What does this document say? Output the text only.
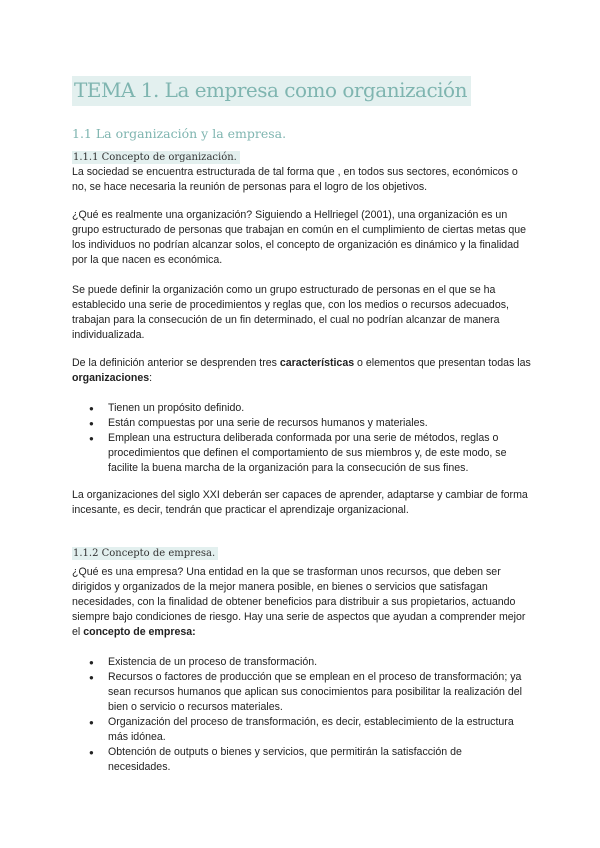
TEMA 1. La empresa como organización
1.1 La organización y la empresa.
1.1.1 Concepto de organización.

La sociedad se encuentra estructurada de tal forma que , en todos sus sectores, económicos o no, se hace necesaria la reunión de personas para el logro de los objetivos.

¿Qué es realmente una organización? Siguiendo a Hellriegel (2001), una organización es un grupo estructurado de personas que trabajan en común en el cumplimiento de ciertas metas que los individuos no podrían alcanzar solos, el concepto de organización es dinámico y la finalidad por la que nacen es económica.

Se puede definir la organización como un grupo estructurado de personas en el que se ha establecido una serie de procedimientos y reglas que, con los medios o recursos adecuados, trabajan para la consecución de un fin determinado, el cual no podrían alcanzar de manera individualizada.

De la definición anterior se desprenden tres características o elementos que presentan todas las organizaciones:

● Tienen un propósito definido.
● Están compuestas por una serie de recursos humanos y materiales.
● Emplean una estructura deliberada conformada por una serie de métodos, reglas o procedimientos que definen el comportamiento de sus miembros y, de este modo, se facilite la buena marcha de la organización para la consecución de sus fines.

La organizaciones del siglo XXI deberán ser capaces de aprender, adaptarse y cambiar de forma incesante, es decir, tendrán que practicar el aprendizaje organizacional.

1.1.2 Concepto de empresa.

¿Qué es una empresa? Una entidad en la que se trasforman unos recursos, que deben ser dirigidos y organizados de la mejor manera posible, en bienes o servicios que satisfagan necesidades, con la finalidad de obtener beneficios para distribuir a sus propietarios, actuando siempre bajo condiciones de riesgo. Hay una serie de aspectos que ayudan a comprender mejor el concepto de empresa:

● Existencia de un proceso de transformación.
● Recursos o factores de producción que se emplean en el proceso de transformación; ya sean recursos humanos que aplican sus conocimientos para posibilitar la realización del bien o servicio o recursos materiales.
● Organización del proceso de transformación, es decir, establecimiento de la estructura más idónea.
● Obtención de outputs o bienes y servicios, que permitirán la satisfacción de necesidades.
